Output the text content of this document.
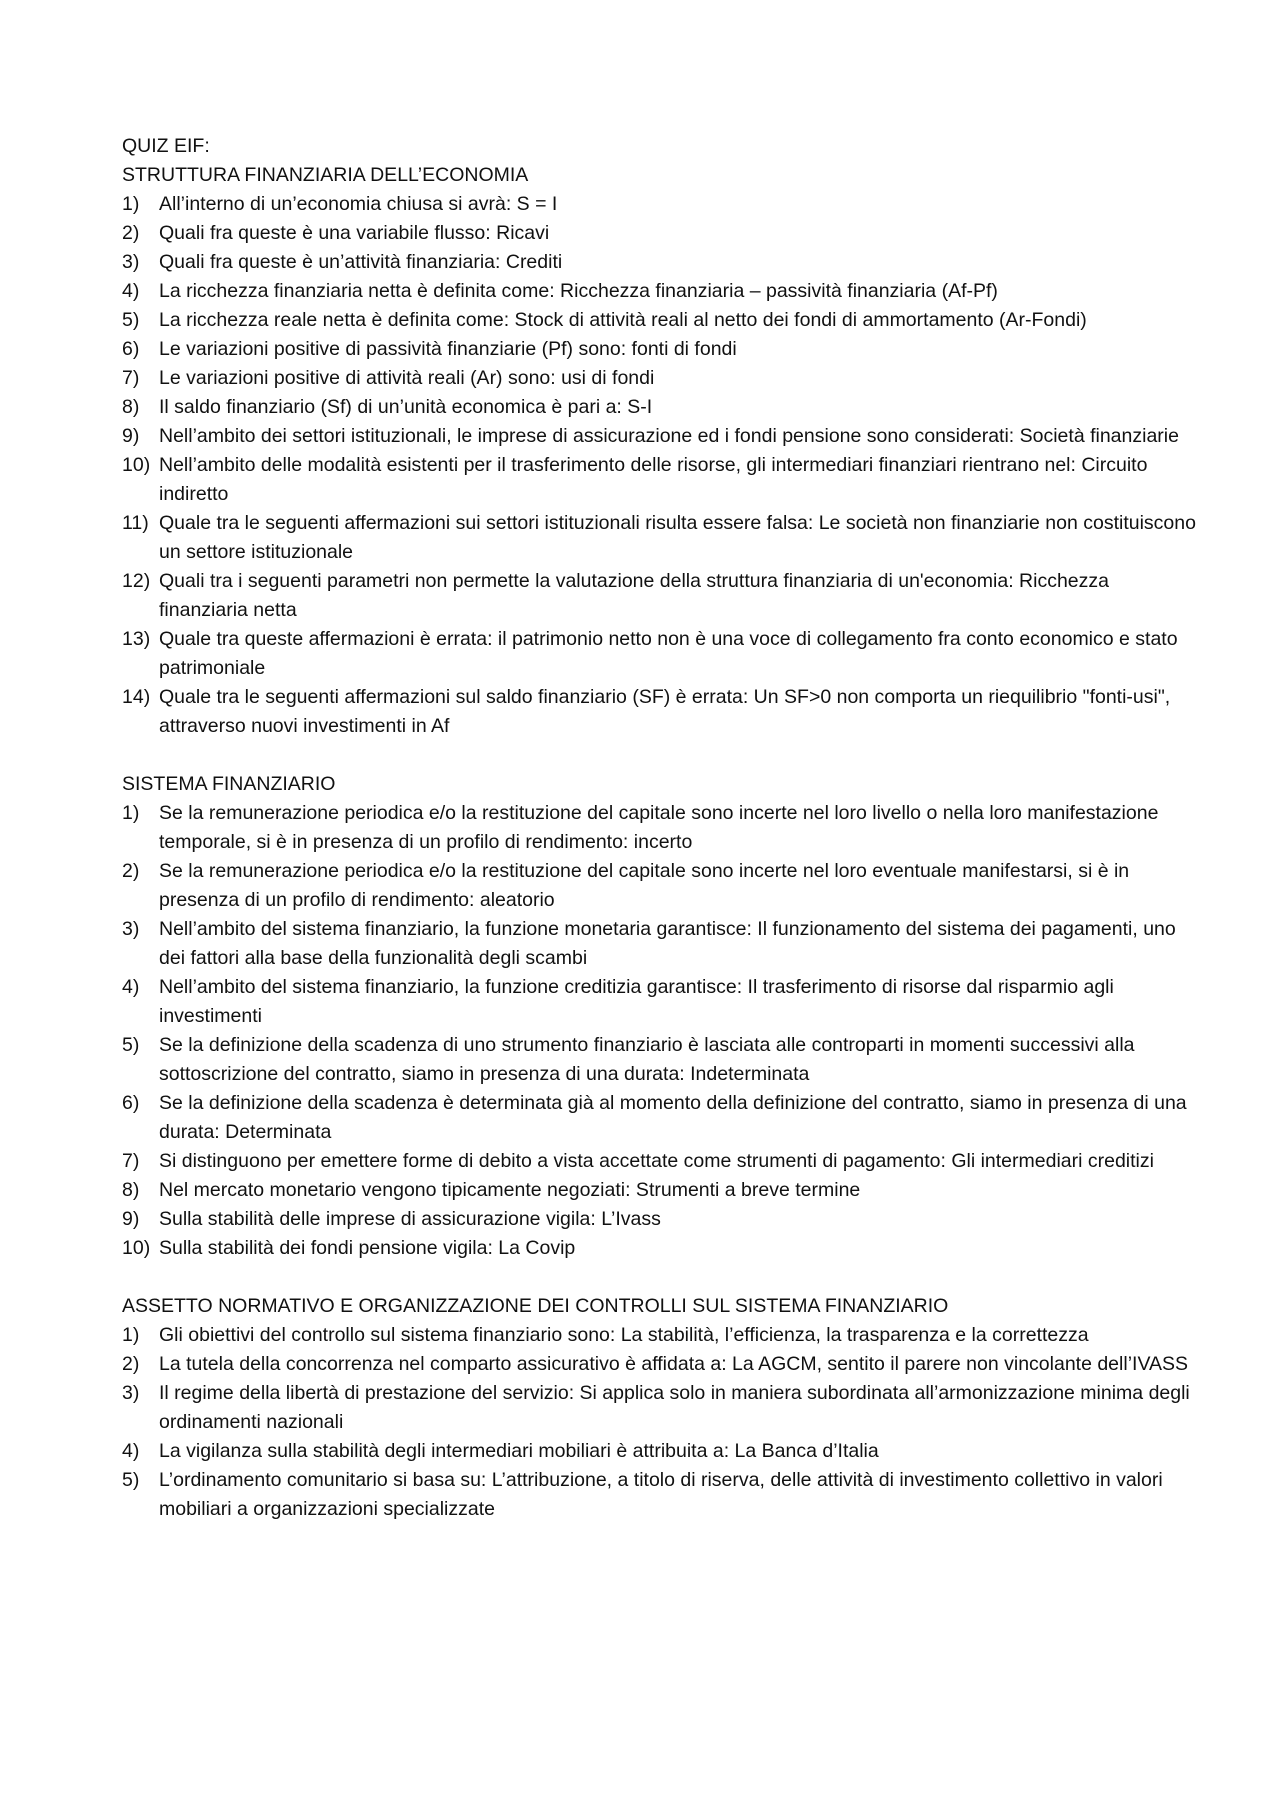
QUIZ EIF:
STRUTTURA FINANZIARIA DELL’ECONOMIA
1)	All’interno di un’economia chiusa si avrà: S = I
2)	Quali fra queste è una variabile flusso: Ricavi
3)	Quali fra queste è un’attività finanziaria: Crediti
4)	La ricchezza finanziaria netta è definita come: Ricchezza finanziaria – passività finanziaria (Af-Pf)
5)	La ricchezza reale netta è definita come: Stock di attività reali al netto dei fondi di ammortamento (Ar-Fondi)
6)	Le variazioni positive di passività finanziarie (Pf) sono: fonti di fondi
7)	Le variazioni positive di attività reali (Ar) sono: usi di fondi
8)	Il saldo finanziario (Sf) di un’unità economica è pari a: S-I
9)	Nell’ambito dei settori istituzionali, le imprese di assicurazione ed i fondi pensione sono considerati: Società finanziarie
10) Nell’ambito delle modalità esistenti per il trasferimento delle risorse, gli intermediari finanziari rientrano nel: Circuito indiretto
11) Quale tra le seguenti affermazioni sui settori istituzionali risulta essere falsa: Le società non finanziarie non costituiscono un settore istituzionale
12) Quali tra i seguenti parametri non permette la valutazione della struttura finanziaria di un'economia: Ricchezza finanziaria netta
13) Quale tra queste affermazioni è errata: il patrimonio netto non è una voce di collegamento fra conto economico e stato patrimoniale
14) Quale tra le seguenti affermazioni sul saldo finanziario (SF) è errata: Un SF>0 non comporta un riequilibrio "fonti-usi", attraverso nuovi investimenti in Af
SISTEMA FINANZIARIO
1)	Se la remunerazione periodica e/o la restituzione del capitale sono incerte nel loro livello o nella loro manifestazione temporale, si è in presenza di un profilo di rendimento: incerto
2)	Se la remunerazione periodica e/o la restituzione del capitale sono incerte nel loro eventuale manifestarsi, si è in presenza di un profilo di rendimento: aleatorio
3)	Nell’ambito del sistema finanziario, la funzione monetaria garantisce: Il funzionamento del sistema dei pagamenti, uno dei fattori alla base della funzionalità degli scambi
4)	Nell’ambito del sistema finanziario, la funzione creditizia garantisce: Il trasferimento di risorse dal risparmio agli investimenti
5)	Se la definizione della scadenza di uno strumento finanziario è lasciata alle controparti in momenti successivi alla sottoscrizione del contratto, siamo in presenza di una durata: Indeterminata
6)	Se la definizione della scadenza è determinata già al momento della definizione del contratto, siamo in presenza di una durata: Determinata
7)	Si distinguono per emettere forme di debito a vista accettate come strumenti di pagamento: Gli intermediari creditizi
8)	Nel mercato monetario vengono tipicamente negoziati: Strumenti a breve termine
9)	Sulla stabilità delle imprese di assicurazione vigila: L’Ivass
10) Sulla stabilità dei fondi pensione vigila: La Covip
ASSETTO NORMATIVO E ORGANIZZAZIONE DEI CONTROLLI SUL SISTEMA FINANZIARIO
1)	Gli obiettivi del controllo sul sistema finanziario sono: La stabilità, l’efficienza, la trasparenza e la correttezza
2)	La tutela della concorrenza nel comparto assicurativo è affidata a: La AGCM, sentito il parere non vincolante dell’IVASS
3)	Il regime della libertà di prestazione del servizio: Si applica solo in maniera subordinata all’armonizzazione minima degli ordinamenti nazionali
4)	La vigilanza sulla stabilità degli intermediari mobiliari è attribuita a: La Banca d’Italia
5)	L’ordinamento comunitario si basa su: L’attribuzione, a titolo di riserva, delle attività di investimento collettivo in valori mobiliari a organizzazioni specializzate
